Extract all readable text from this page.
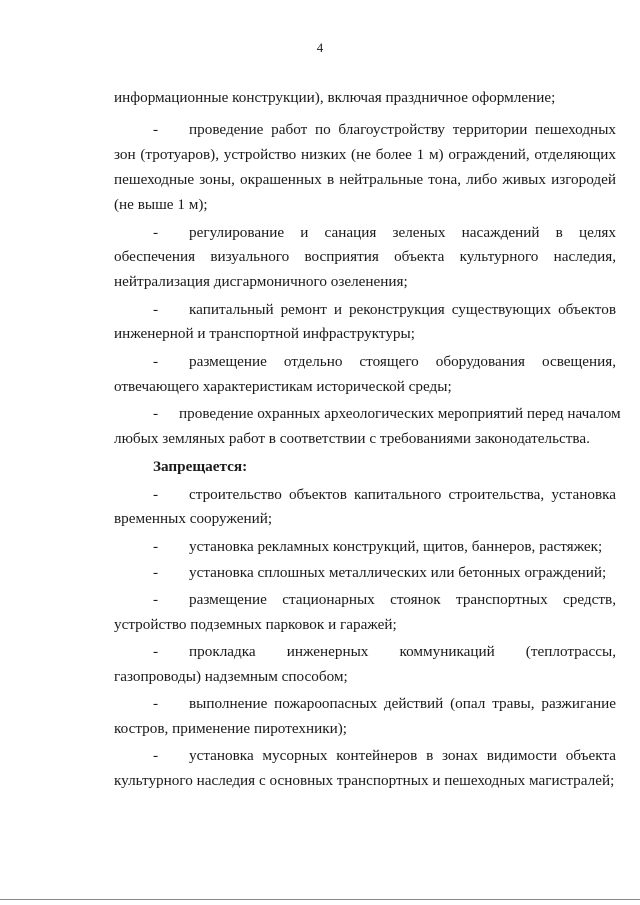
4
информационные конструкции), включая праздничное оформление;
- проведение работ по благоустройству территории пешеходных
зон (тротуаров), устройство низких (не более 1 м) ограждений, отделяющих
пешеходные зоны, окрашенных в нейтральные тона, либо живых изгородей
(не выше 1 м);
- регулирование и санация зеленых насаждений в целях
обеспечения визуального восприятия объекта культурного наследия,
нейтрализация дисгармоничного озеленения;
- капитальный ремонт и реконструкция существующих объектов
инженерной и транспортной инфраструктуры;
- размещение отдельно стоящего оборудования освещения,
отвечающего характеристикам исторической среды;
- проведение охранных археологических мероприятий перед началом
любых земляных работ в соответствии с требованиями законодательства.
Запрещается:
- строительство объектов капитального строительства, установка
временных сооружений;
- установка рекламных конструкций, щитов, баннеров, растяжек;
- установка сплошных металлических или бетонных ограждений;
- размещение стационарных стоянок транспортных средств,
устройство подземных парковок и гаражей;
- прокладка инженерных коммуникаций (теплотрассы,
газопроводы) надземным способом;
- выполнение пожароопасных действий (опал травы, разжигание
костров, применение пиротехники);
- установка мусорных контейнеров в зонах видимости объекта
культурного наследия с основных транспортных и пешеходных магистралей;
